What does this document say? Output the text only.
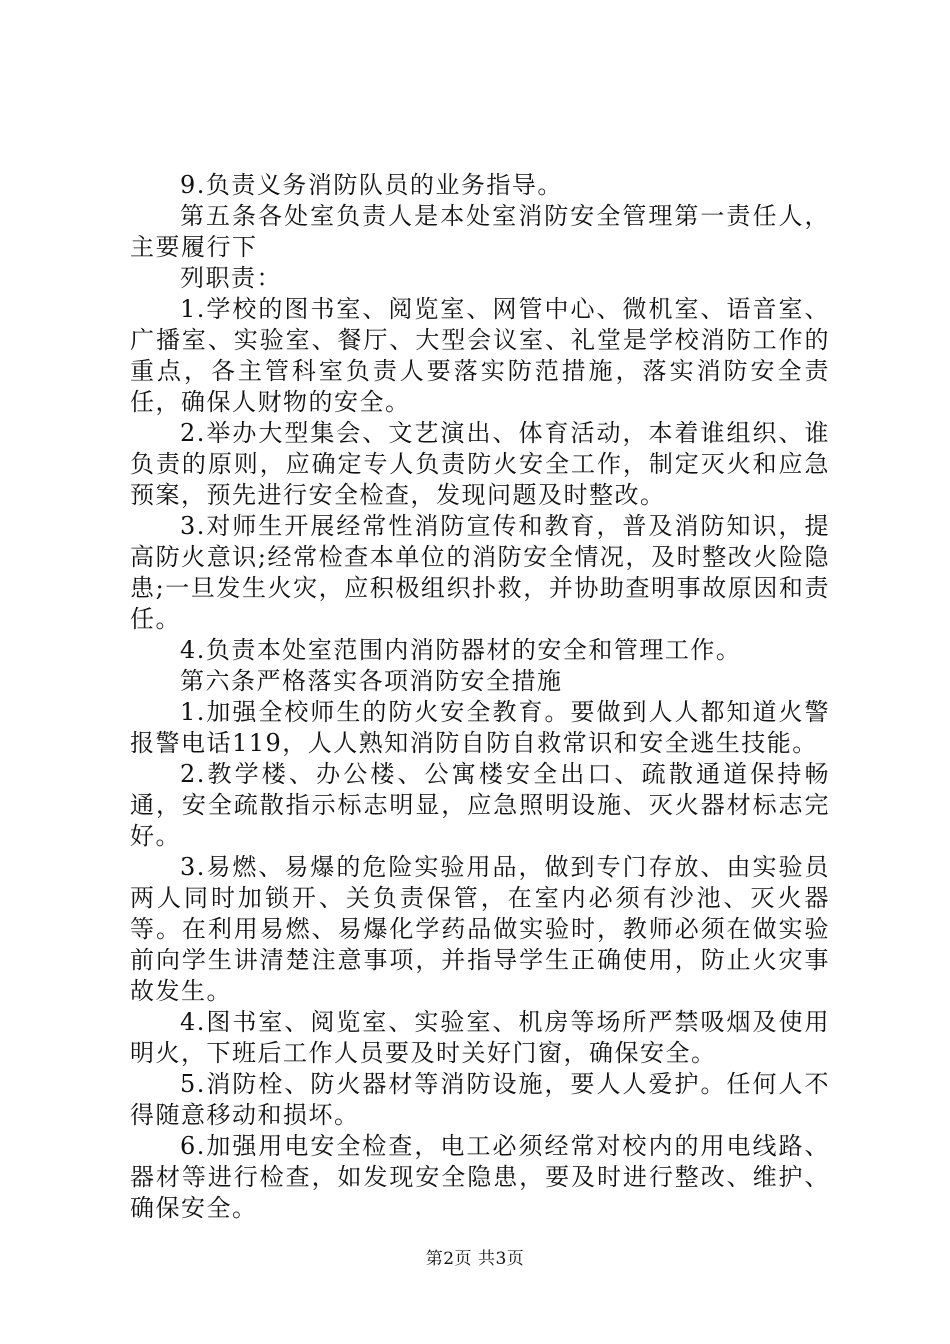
9.负责义务消防队员的业务指导。

第五条各处室负责人是本处室消防安全管理第一责任人，主要履行下

列职责：

1.学校的图书室、阅览室、网管中心、微机室、语音室、广播室、实验室、餐厅、大型会议室、礼堂是学校消防工作的重点，各主管科室负责人要落实防范措施，落实消防安全责任，确保人财物的安全。

2.举办大型集会、文艺演出、体育活动，本着谁组织、谁负责的原则，应确定专人负责防火安全工作，制定灭火和应急预案，预先进行安全检查，发现问题及时整改。

3.对师生开展经常性消防宣传和教育，普及消防知识，提高防火意识;经常检查本单位的消防安全情况，及时整改火险隐患;一旦发生火灾，应积极组织扑救，并协助查明事故原因和责任。

4.负责本处室范围内消防器材的安全和管理工作。

第六条严格落实各项消防安全措施

1.加强全校师生的防火安全教育。要做到人人都知道火警报警电话119，人人熟知消防自防自救常识和安全逃生技能。

2.教学楼、办公楼、公寓楼安全出口、疏散通道保持畅通，安全疏散指示标志明显，应急照明设施、灭火器材标志完好。

3.易燃、易爆的危险实验用品，做到专门存放、由实验员两人同时加锁开、关负责保管，在室内必须有沙池、灭火器等。在利用易燃、易爆化学药品做实验时，教师必须在做实验前向学生讲清楚注意事项，并指导学生正确使用，防止火灾事故发生。

4.图书室、阅览室、实验室、机房等场所严禁吸烟及使用明火，下班后工作人员要及时关好门窗，确保安全。

5.消防栓、防火器材等消防设施，要人人爱护。任何人不得随意移动和损坏。

6.加强用电安全检查，电工必须经常对校内的用电线路、器材等进行检查，如发现安全隐患，要及时进行整改、维护、确保安全。

第2页 共3页
